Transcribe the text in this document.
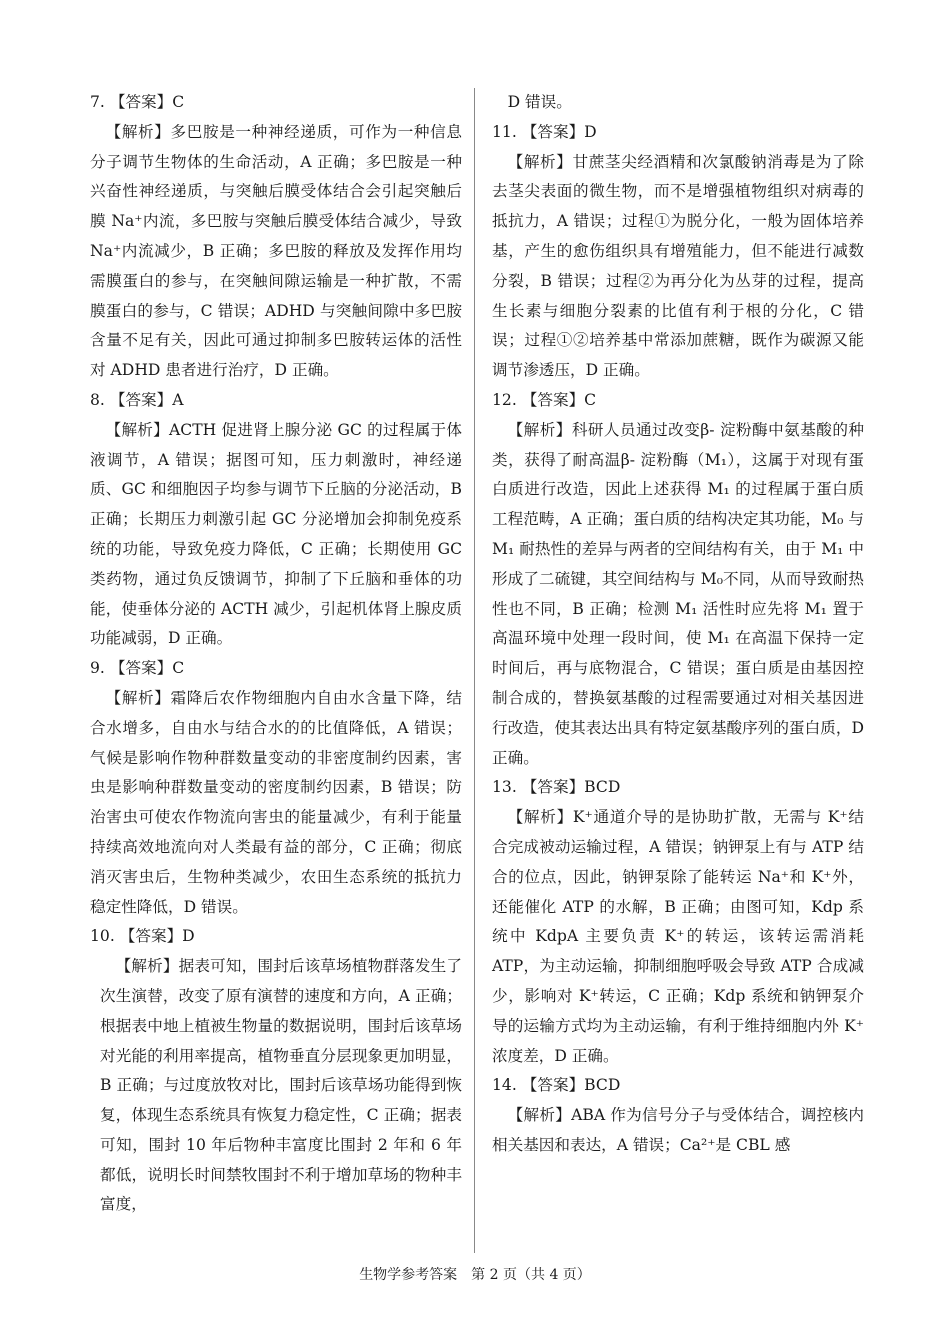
7. 【答案】C
【解析】多巴胺是一种神经递质，可作为一种信息分子调节生物体的生命活动，A 正确；多巴胺是一种兴奋性神经递质，与突触后膜受体结合会引起突触后膜 Na⁺内流，多巴胺与突触后膜受体结合减少，导致 Na⁺内流减少，B 正确；多巴胺的释放及发挥作用均需膜蛋白的参与，在突触间隙运输是一种扩散，不需膜蛋白的参与，C 错误；ADHD 与突触间隙中多巴胺含量不足有关，因此可通过抑制多巴胺转运体的活性对 ADHD 患者进行治疗，D 正确。
8. 【答案】A
【解析】ACTH 促进肾上腺分泌 GC 的过程属于体液调节，A 错误；据图可知，压力刺激时，神经递质、GC 和细胞因子均参与调节下丘脑的分泌活动，B 正确；长期压力刺激引起 GC 分泌增加会抑制免疫系统的功能，导致免疫力降低，C 正确；长期使用 GC 类药物，通过负反馈调节，抑制了下丘脑和垂体的功能，使垂体分泌的 ACTH 减少，引起机体肾上腺皮质功能减弱，D 正确。
9. 【答案】C
【解析】霜降后农作物细胞内自由水含量下降，结合水增多，自由水与结合水的的比值降低，A 错误；气候是影响作物种群数量变动的非密度制约因素，害虫是影响种群数量变动的密度制约因素，B 错误；防治害虫可使农作物流向害虫的能量减少，有利于能量持续高效地流向对人类最有益的部分，C 正确；彻底消灭害虫后，生物种类减少，农田生态系统的抵抗力稳定性降低，D 错误。
10. 【答案】D
【解析】据表可知，围封后该草场植物群落发生了次生演替，改变了原有演替的速度和方向，A 正确；根据表中地上植被生物量的数据说明，围封后该草场对光能的利用率提高，植物垂直分层现象更加明显，B 正确；与过度放牧对比，围封后该草场功能得到恢复，体现生态系统具有恢复力稳定性，C 正确；据表可知，围封 10 年后物种丰富度比围封 2 年和 6 年都低，说明长时间禁牧围封不利于增加草场的物种丰富度，

D 错误。

11. 【答案】D
【解析】甘蔗茎尖经酒精和次氯酸钠消毒是为了除去茎尖表面的微生物，而不是增强植物组织对病毒的抵抗力，A 错误；过程①为脱分化，一般为固体培养基，产生的愈伤组织具有增殖能力，但不能进行减数分裂，B 错误；过程②为再分化为丛芽的过程，提高生长素与细胞分裂素的比值有利于根的分化，C 错误；过程①②培养基中常添加蔗糖，既作为碳源又能调节渗透压，D 正确。
12. 【答案】C
【解析】科研人员通过改变β- 淀粉酶中氨基酸的种类，获得了耐高温β- 淀粉酶（M₁），这属于对现有蛋白质进行改造，因此上述获得 M₁ 的过程属于蛋白质工程范畴，A 正确；蛋白质的结构决定其功能，M₀ 与 M₁ 耐热性的差异与两者的空间结构有关，由于 M₁ 中形成了二硫键，其空间结构与 M₀不同，从而导致耐热性也不同，B 正确；检测 M₁ 活性时应先将 M₁ 置于高温环境中处理一段时间，使 M₁ 在高温下保持一定时间后，再与底物混合，C 错误；蛋白质是由基因控制合成的，替换氨基酸的过程需要通过对相关基因进行改造，使其表达出具有特定氨基酸序列的蛋白质，D 正确。
13. 【答案】BCD
【解析】K⁺通道介导的是协助扩散，无需与 K⁺结合完成被动运输过程，A 错误；钠钾泵上有与 ATP 结合的位点，因此，钠钾泵除了能转运 Na⁺和 K⁺外，还能催化 ATP 的水解，B 正确；由图可知，Kdp 系统中 KdpA 主要负责 K⁺的转运，该转运需消耗 ATP，为主动运输，抑制细胞呼吸会导致 ATP 合成减少，影响对 K⁺转运，C 正确；Kdp 系统和钠钾泵介导的运输方式均为主动运输，有利于维持细胞内外 K⁺浓度差，D 正确。
14. 【答案】BCD
【解析】ABA 作为信号分子与受体结合，调控核内相关基因和表达，A 错误；Ca²⁺是 CBL 感
生物学参考答案　第 2 页（共 4 页）
